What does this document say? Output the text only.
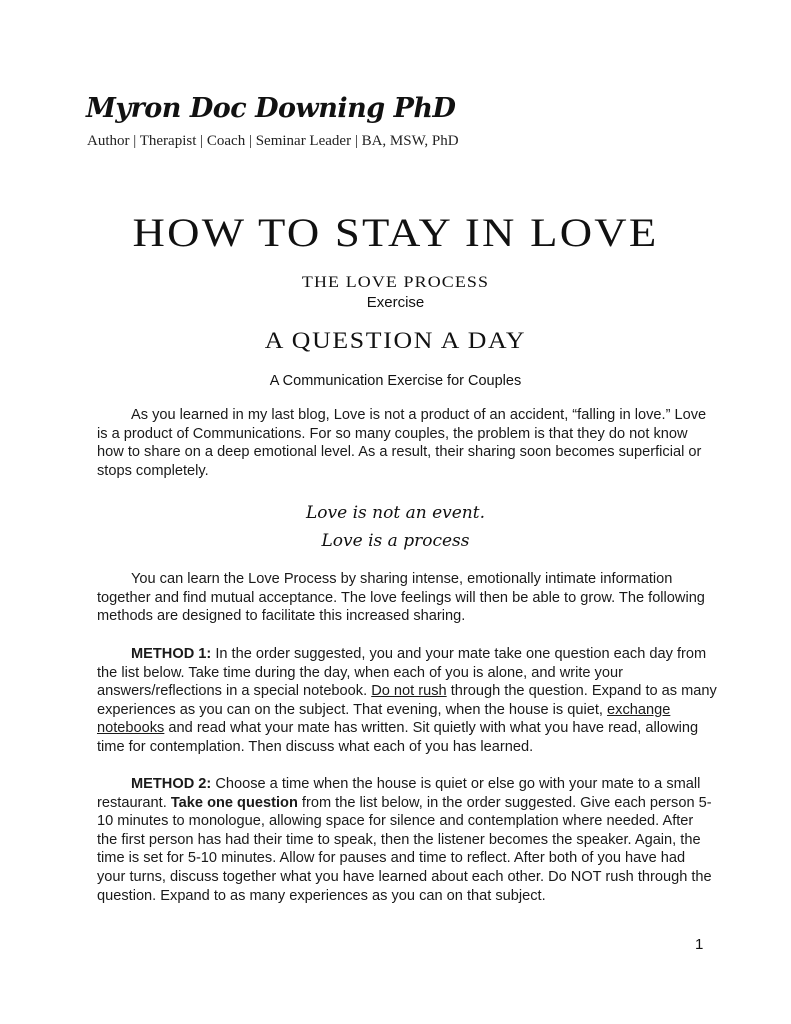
Myron Doc Downing PhD
Author | Therapist | Coach | Seminar Leader | BA, MSW, PhD
HOW TO STAY IN LOVE
THE LOVE PROCESS
Exercise
A QUESTION A DAY
A Communication Exercise for Couples

As you learned in my last blog, Love is not a product of an accident, “falling in love.” Love is a product of Communications. For so many couples, the problem is that they do not know how to share on a deep emotional level. As a result, their sharing soon becomes superficial or stops completely.

Love is not an event.
Love is a process

You can learn the Love Process by sharing intense, emotionally intimate information together and find mutual acceptance. The love feelings will then be able to grow. The following methods are designed to facilitate this increased sharing.

METHOD 1: In the order suggested, you and your mate take one question each day from the list below. Take time during the day, when each of you is alone, and write your answers/reflections in a special notebook. Do not rush through the question. Expand to as many experiences as you can on the subject. That evening, when the house is quiet, exchange notebooks and read what your mate has written. Sit quietly with what you have read, allowing time for contemplation. Then discuss what each of you has learned.

METHOD 2: Choose a time when the house is quiet or else go with your mate to a small restaurant. Take one question from the list below, in the order suggested. Give each person 5-10 minutes to monologue, allowing space for silence and contemplation where needed. After the first person has had their time to speak, then the listener becomes the speaker. Again, the time is set for 5-10 minutes. Allow for pauses and time to reflect. After both of you have had your turns, discuss together what you have learned about each other. Do NOT rush through the question. Expand to as many experiences as you can on that subject.

1
